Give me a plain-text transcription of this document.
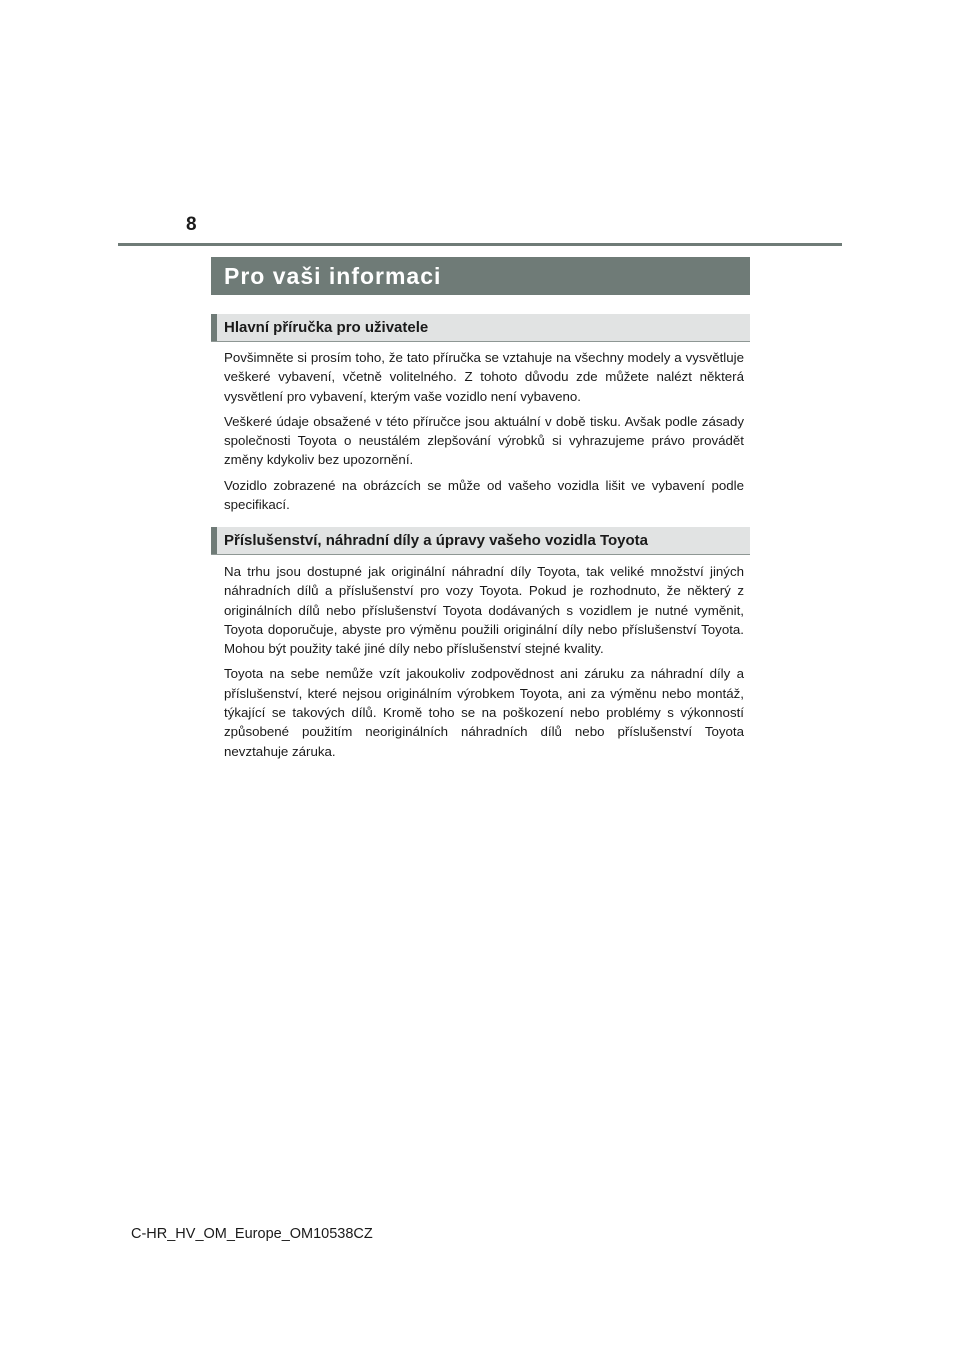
8
Pro vaši informaci
Hlavní příručka pro uživatele

Povšimněte si prosím toho, že tato příručka se vztahuje na všechny modely a vysvětluje veškeré vybavení, včetně volitelného. Z tohoto důvodu zde můžete nalézt některá vysvětlení pro vybavení, kterým vaše vozidlo není vybaveno.

Veškeré údaje obsažené v této příručce jsou aktuální v době tisku. Avšak podle zásady společnosti Toyota o neustálém zlepšování výrobků si vyhrazujeme právo provádět změny kdykoliv bez upozornění.

Vozidlo zobrazené na obrázcích se může od vašeho vozidla lišit ve vybavení podle specifikací.

Příslušenství, náhradní díly a úpravy vašeho vozidla Toyota

Na trhu jsou dostupné jak originální náhradní díly Toyota, tak veliké množství jiných náhradních dílů a příslušenství pro vozy Toyota. Pokud je rozhodnuto, že některý z originálních dílů nebo příslušenství Toyota dodávaných s vozidlem je nutné vyměnit, Toyota doporučuje, abyste pro výměnu použili originální díly nebo příslušenství Toyota. Mohou být použity také jiné díly nebo příslušenství stejné kvality.

Toyota na sebe nemůže vzít jakoukoliv zodpovědnost ani záruku za náhradní díly a příslušenství, které nejsou originálním výrobkem Toyota, ani za výměnu nebo montáž, týkající se takových dílů. Kromě toho se na poškození nebo problémy s výkonností způsobené použitím neoriginálních náhradních dílů nebo příslušenství Toyota nevztahuje záruka.

C-HR_HV_OM_Europe_OM10538CZ
